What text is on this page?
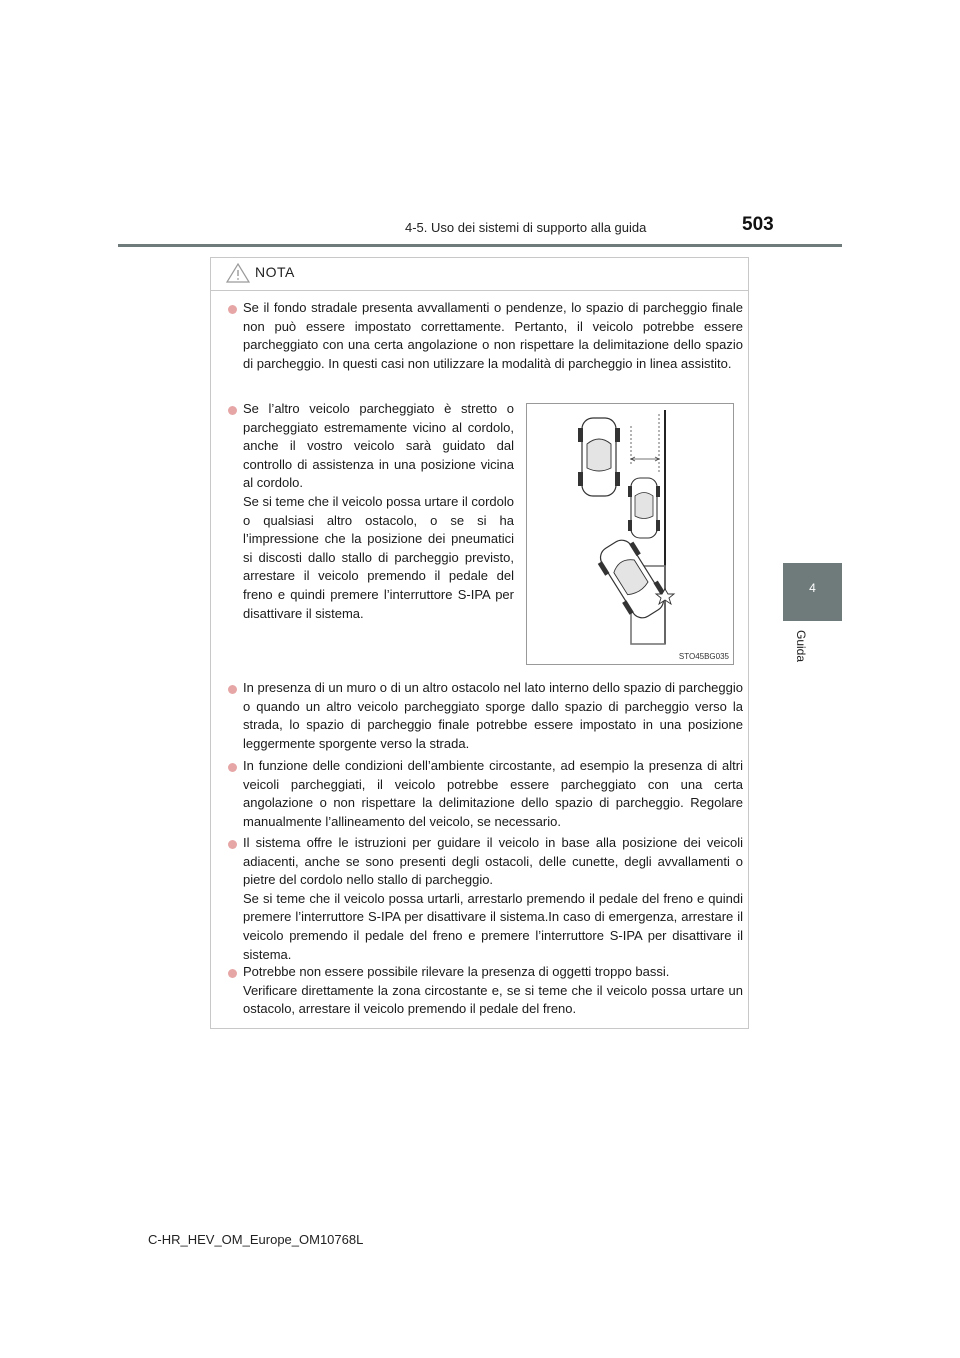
4-5. Uso dei sistemi di supporto alla guida	503
4
Guida
NOTA
Se il fondo stradale presenta avvallamenti o pendenze, lo spazio di parcheggio finale non può essere impostato correttamente. Pertanto, il veicolo potrebbe essere parcheggiato con una certa angolazione o non rispettare la delimitazione dello spazio di parcheggio. In questi casi non utilizzare la modalità di parcheggio in linea assistito.
Se l’altro veicolo parcheggiato è stretto o parcheggiato estremamente vicino al cordolo, anche il vostro veicolo sarà guidato dal controllo di assistenza in una posizione vicina al cordolo.
Se si teme che il veicolo possa urtare il cordolo o qualsiasi altro ostacolo, o se si ha l’impressione che la posizione dei pneumatici si discosti dallo stallo di parcheggio previsto, arrestare il veicolo premendo il pedale del freno e quindi premere l’interruttore S-IPA per disattivare il sistema.
STO45BG035
In presenza di un muro o di un altro ostacolo nel lato interno dello spazio di parcheggio o quando un altro veicolo parcheggiato sporge dallo spazio di parcheggio verso la strada, lo spazio di parcheggio finale potrebbe essere impostato in una posizione leggermente sporgente verso la strada.
In funzione delle condizioni dell’ambiente circostante, ad esempio la presenza di altri veicoli parcheggiati, il veicolo potrebbe essere parcheggiato con una certa angolazione o non rispettare la delimitazione dello spazio di parcheggio. Regolare manualmente l’allineamento del veicolo, se necessario.
Il sistema offre le istruzioni per guidare il veicolo in base alla posizione dei veicoli adiacenti, anche se sono presenti degli ostacoli, delle cunette, degli avvallamenti o pietre del cordolo nello stallo di parcheggio.
Se si teme che il veicolo possa urtarli, arrestarlo premendo il pedale del freno e quindi premere l’interruttore S-IPA per disattivare il sistema.In caso di emergenza, arrestare il veicolo premendo il pedale del freno e premere l’interruttore S-IPA per disattivare il sistema.
Potrebbe non essere possibile rilevare la presenza di oggetti troppo bassi.
Verificare direttamente la zona circostante e, se si teme che il veicolo possa urtare un ostacolo, arrestare il veicolo premendo il pedale del freno.
C-HR_HEV_OM_Europe_OM10768L
